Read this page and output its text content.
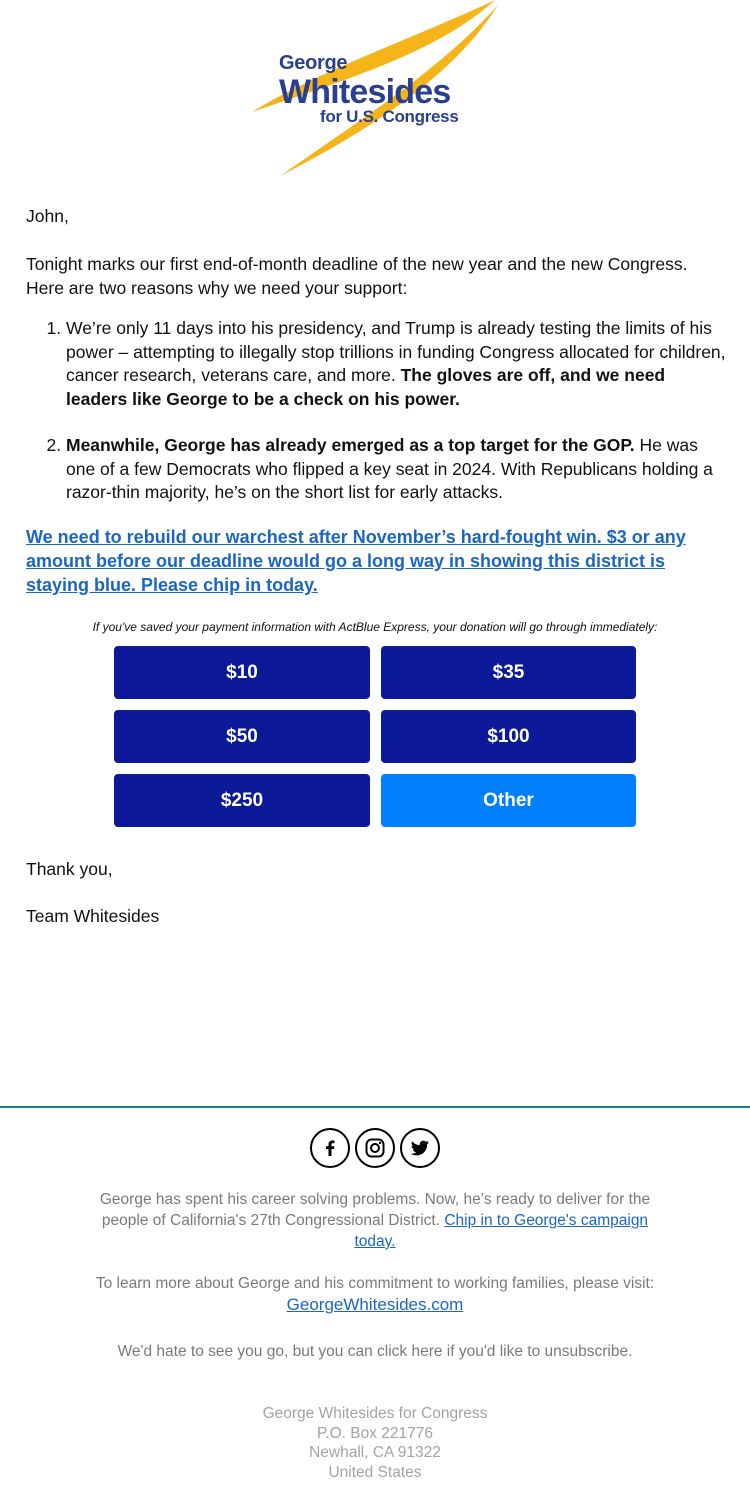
George
Whitesides
for U.S. Congress
John,
Tonight marks our first end-of-month deadline of the new year and the new Congress. Here are two reasons why we need your support:
1. We’re only 11 days into his presidency, and Trump is already testing the limits of his power – attempting to illegally stop trillions in funding Congress allocated for children, cancer research, veterans care, and more. The gloves are off, and we need leaders like George to be a check on his power.
2. Meanwhile, George has already emerged as a top target for the GOP. He was one of a few Democrats who flipped a key seat in 2024. With Republicans holding a razor-thin majority, he’s on the short list for early attacks.
We need to rebuild our warchest after November’s hard-fought win. $3 or any amount before our deadline would go a long way in showing this district is staying blue. Please chip in today.
If you've saved your payment information with ActBlue Express, your donation will go through immediately:
$10	$35
$50	$100
$250	Other
Thank you,
Team Whitesides
George has spent his career solving problems. Now, he’s ready to deliver for the people of California's 27th Congressional District. Chip in to George's campaign today.
To learn more about George and his commitment to working families, please visit:
GeorgeWhitesides.com
We'd hate to see you go, but you can click here if you'd like to unsubscribe.
George Whitesides for Congress
P.O. Box 221776
Newhall, CA 91322
United States
